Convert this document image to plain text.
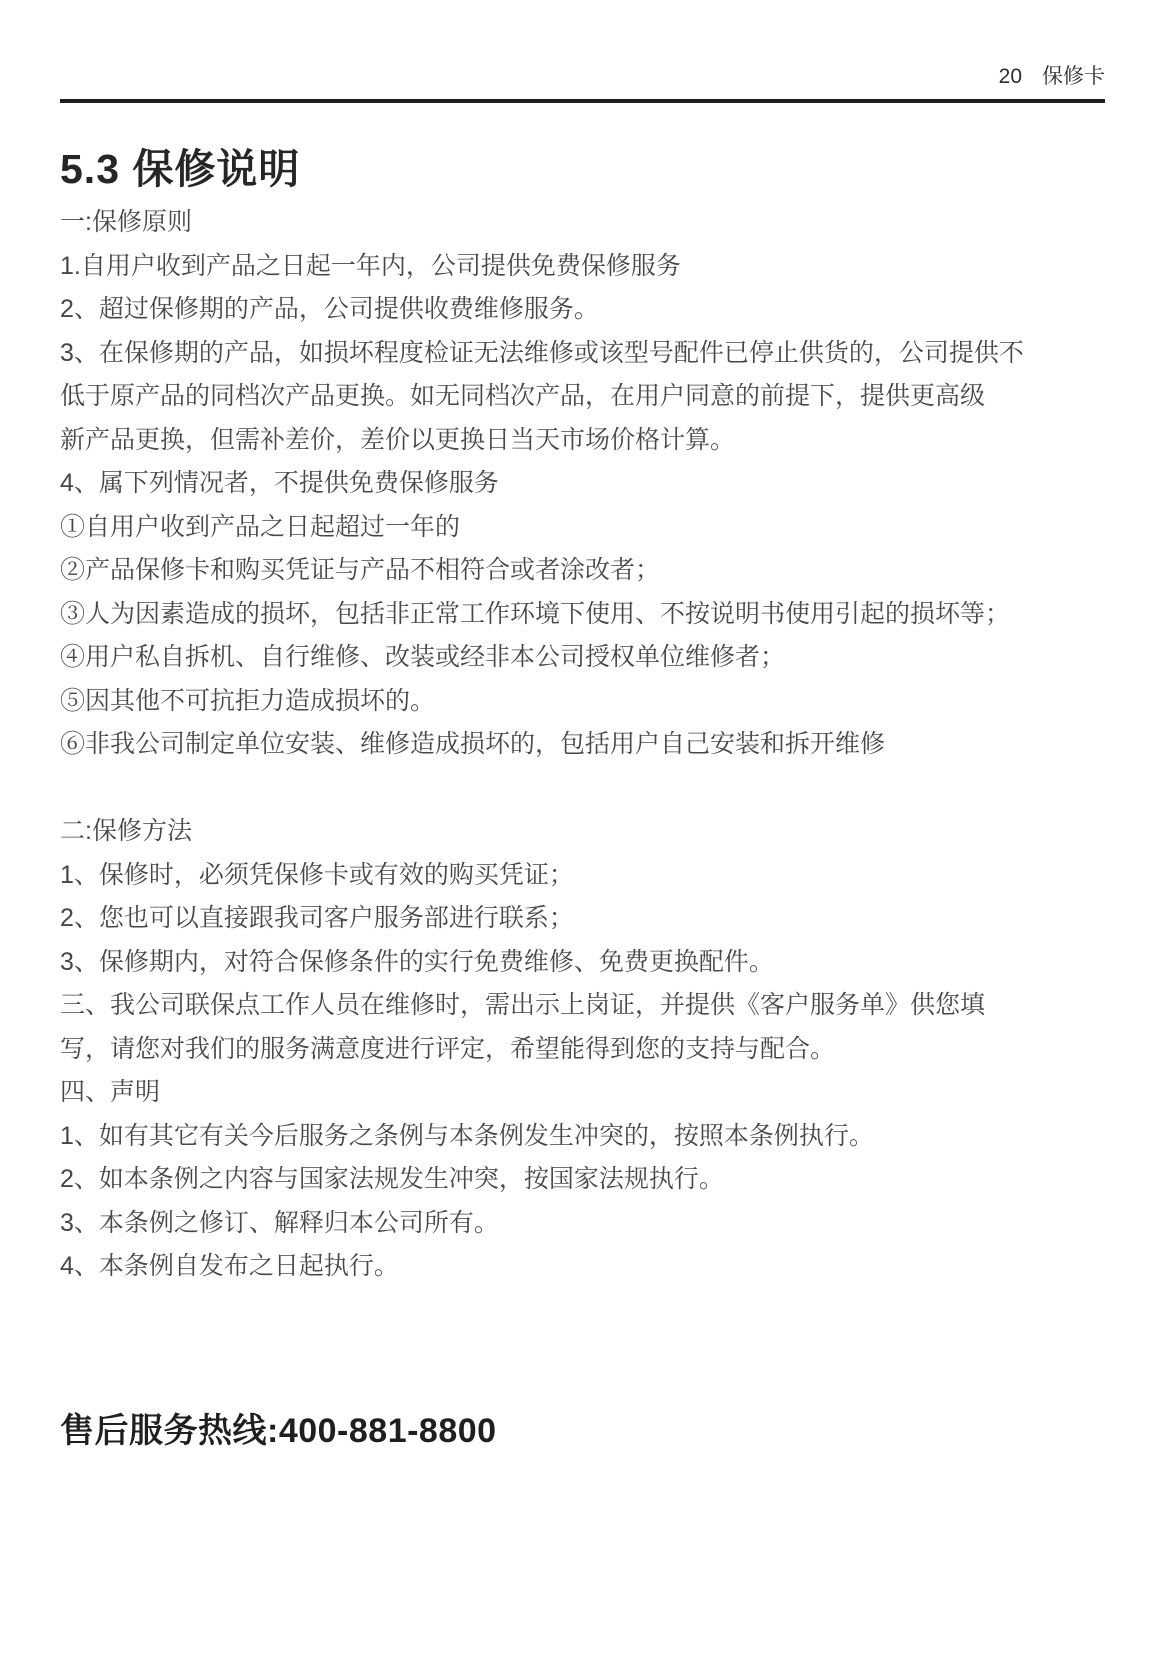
20 保修卡
5.3 保修说明
一:保修原则
1.自用户收到产品之日起一年内，公司提供免费保修服务
2、超过保修期的产品，公司提供收费维修服务。
3、在保修期的产品，如损坏程度检证无法维修或该型号配件已停止供货的，公司提供不
低于原产品的同档次产品更换。如无同档次产品，在用户同意的前提下，提供更高级
新产品更换，但需补差价，差价以更换日当天市场价格计算。
4、属下列情况者，不提供免费保修服务
①自用户收到产品之日起超过一年的
②产品保修卡和购买凭证与产品不相符合或者涂改者；
③人为因素造成的损坏，包括非正常工作环境下使用、不按说明书使用引起的损坏等；
④用户私自拆机、自行维修、改装或经非本公司授权单位维修者；
⑤因其他不可抗拒力造成损坏的。
⑥非我公司制定单位安装、维修造成损坏的，包括用户自己安装和拆开维修
二:保修方法
1、保修时，必须凭保修卡或有效的购买凭证；
2、您也可以直接跟我司客户服务部进行联系；
3、保修期内，对符合保修条件的实行免费维修、免费更换配件。
三、我公司联保点工作人员在维修时，需出示上岗证，并提供《客户服务单》供您填
写，请您对我们的服务满意度进行评定，希望能得到您的支持与配合。
四、声明
1、如有其它有关今后服务之条例与本条例发生冲突的，按照本条例执行。
2、如本条例之内容与国家法规发生冲突，按国家法规执行。
3、本条例之修订、解释归本公司所有。
4、本条例自发布之日起执行。
售后服务热线:400-881-8800
